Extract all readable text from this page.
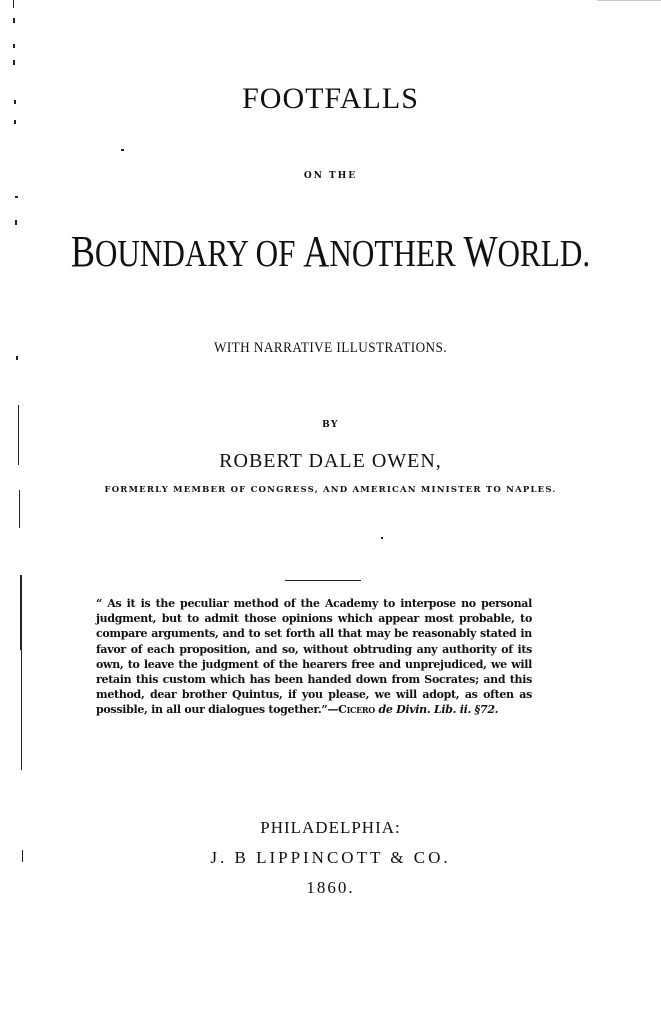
FOOTFALLS
ON THE
BOUNDARY OF ANOTHER WORLD.
WITH NARRATIVE ILLUSTRATIONS.
BY
ROBERT DALE OWEN,
FORMERLY MEMBER OF CONGRESS, AND AMERICAN MINISTER TO NAPLES.
“ As it is the peculiar method of the Academy to interpose no personal judgment, but to admit those opinions which appear most probable, to compare arguments, and to set forth all that may be reasonably stated in favor of each proposition, and so, without obtruding any authority of its own, to leave the judgment of the hearers free and unprejudiced, we will retain this custom which has been handed down from Socrates; and this method, dear brother Quintus, if you please, we will adopt, as often as possible, in all our dialogues together.”—Cicero de Divin. Lib. ii. §72.
PHILADELPHIA:
J. B LIPPINCOTT & CO.
1860.
